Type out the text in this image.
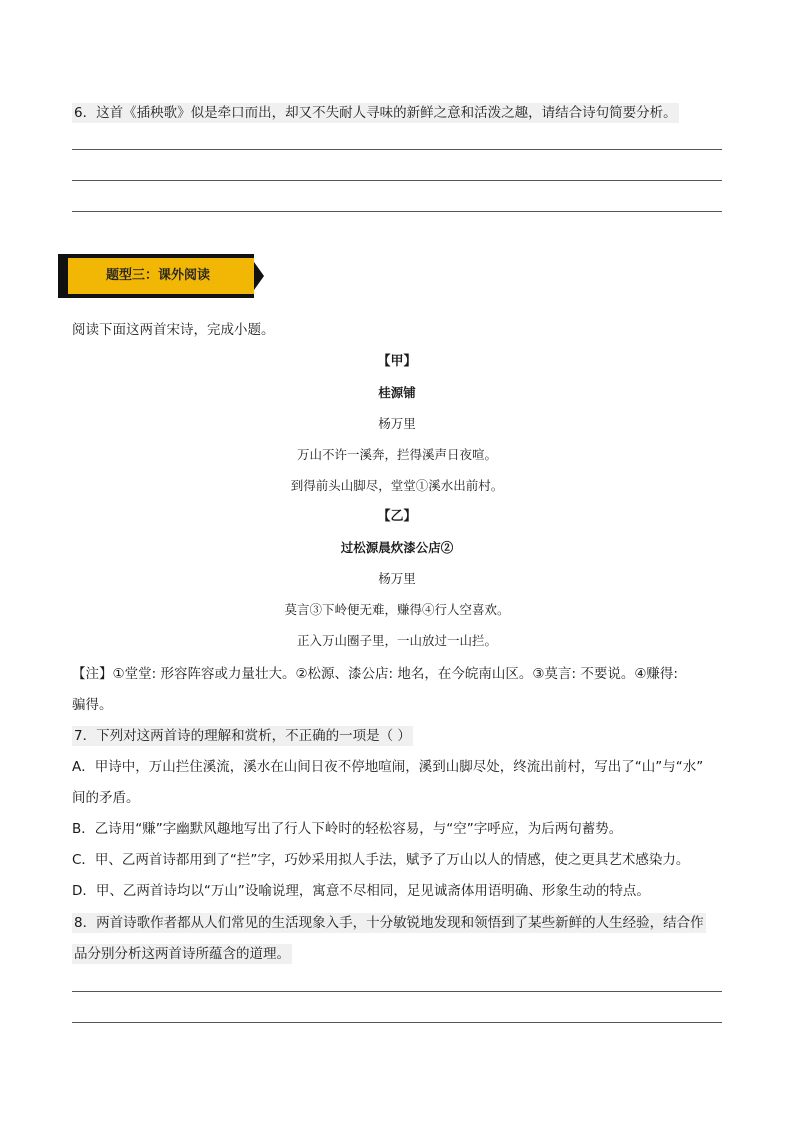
6．这首《插秧歌》似是牵口而出，却又不失耐人寻味的新鲜之意和活泼之趣，请结合诗句简要分析。
题型三：课外阅读
阅读下面这两首宋诗，完成小题。
【甲】
桂源铺
杨万里
万山不许一溪奔，拦得溪声日夜喧。
到得前头山脚尽，堂堂①溪水出前村。
【乙】
过松源晨炊漆公店②
杨万里
莫言③下岭便无难，赚得④行人空喜欢。
正入万山圈子里，一山放过一山拦。
【注】①堂堂: 形容阵容或力量壮大。②松源、漆公店: 地名，在今皖南山区。③莫言: 不要说。④赚得:
骗得。
7．下列对这两首诗的理解和赏析，不正确的一项是（ ）
A．甲诗中，万山拦住溪流，溪水在山间日夜不停地喧闹，溪到山脚尽处，终流出前村，写出了“山”与“水”
间的矛盾。
B．乙诗用“赚”字幽默风趣地写出了行人下岭时的轻松容易，与“空”字呼应，为后两句蓄势。
C．甲、乙两首诗都用到了“拦”字，巧妙采用拟人手法，赋予了万山以人的情感，使之更具艺术感染力。
D．甲、乙两首诗均以“万山”设喻说理，寓意不尽相同，足见诚斋体用语明确、形象生动的特点。
8．两首诗歌作者都从人们常见的生活现象入手，十分敏锐地发现和领悟到了某些新鲜的人生经验，结合作
品分别分析这两首诗所蕴含的道理。
